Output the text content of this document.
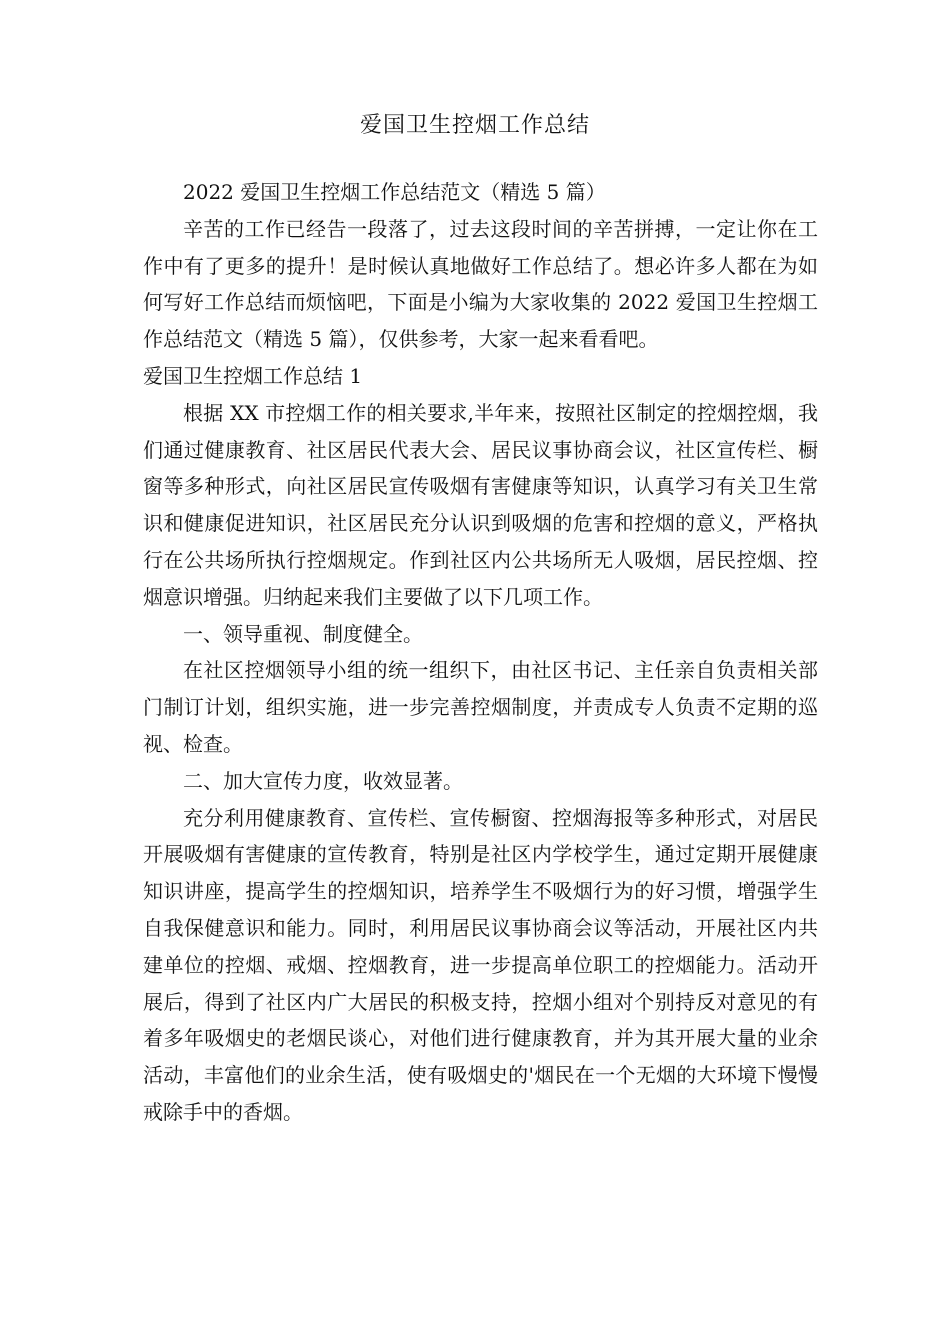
爱国卫生控烟工作总结

2022 爱国卫生控烟工作总结范文（精选 5 篇）

辛苦的工作已经告一段落了，过去这段时间的辛苦拼搏，一定让你在工作中有了更多的提升！是时候认真地做好工作总结了。想必许多人都在为如何写好工作总结而烦恼吧，下面是小编为大家收集的 2022 爱国卫生控烟工作总结范文（精选 5 篇），仅供参考，大家一起来看看吧。

爱国卫生控烟工作总结 1

根据 XX 市控烟工作的相关要求,半年来，按照社区制定的控烟控烟，我们通过健康教育、社区居民代表大会、居民议事协商会议，社区宣传栏、橱窗等多种形式，向社区居民宣传吸烟有害健康等知识，认真学习有关卫生常识和健康促进知识，社区居民充分认识到吸烟的危害和控烟的意义，严格执行在公共场所执行控烟规定。作到社区内公共场所无人吸烟，居民控烟、控烟意识增强。归纳起来我们主要做了以下几项工作。

一、领导重视、制度健全。

在社区控烟领导小组的统一组织下，由社区书记、主任亲自负责相关部门制订计划，组织实施，进一步完善控烟制度，并责成专人负责不定期的巡视、检查。

二、加大宣传力度，收效显著。

充分利用健康教育、宣传栏、宣传橱窗、控烟海报等多种形式，对居民开展吸烟有害健康的宣传教育，特别是社区内学校学生，通过定期开展健康知识讲座，提高学生的控烟知识，培养学生不吸烟行为的好习惯，增强学生自我保健意识和能力。同时，利用居民议事协商会议等活动，开展社区内共建单位的控烟、戒烟、控烟教育，进一步提高单位职工的控烟能力。活动开展后，得到了社区内广大居民的积极支持，控烟小组对个别持反对意见的有着多年吸烟史的老烟民谈心，对他们进行健康教育，并为其开展大量的业余活动，丰富他们的业余生活，使有吸烟史的'烟民在一个无烟的大环境下慢慢戒除手中的香烟。
